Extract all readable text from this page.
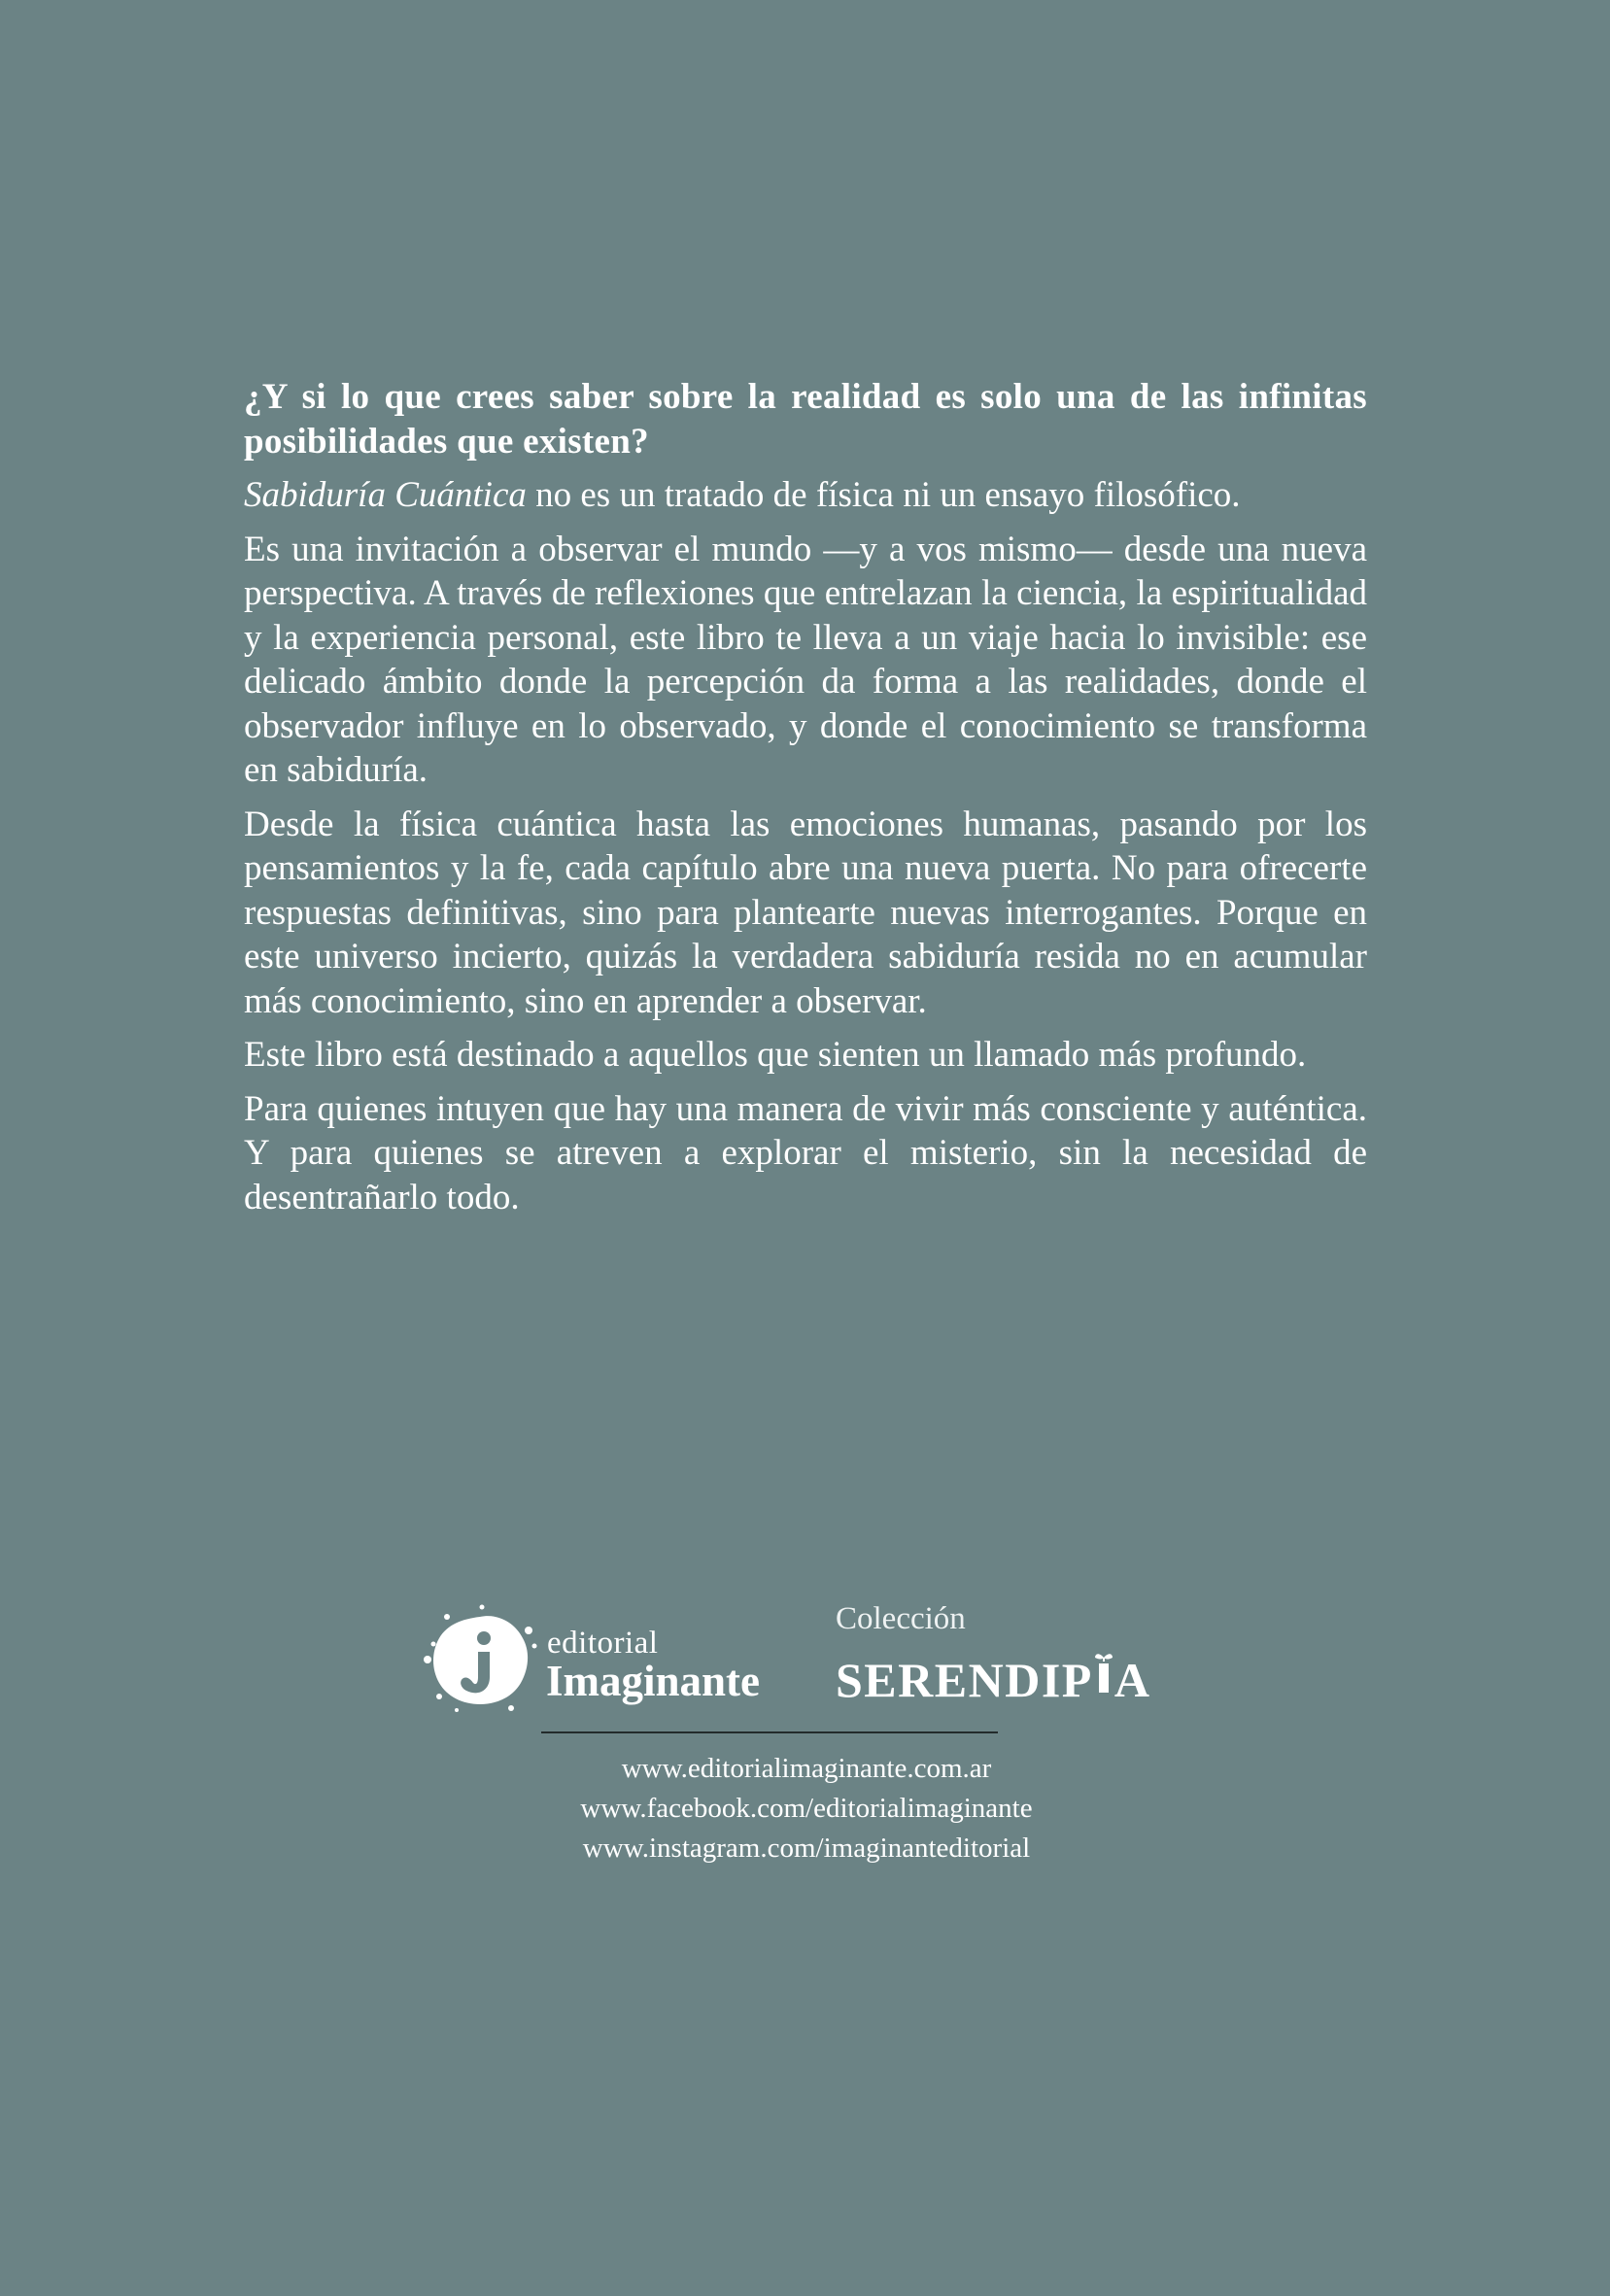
¿Y si lo que crees saber sobre la realidad es solo una de las infinitas posibilidades que existen?

Sabiduría Cuántica no es un tratado de física ni un ensayo filosófico.

Es una invitación a observar el mundo —y a vos mismo— desde una nueva perspectiva. A través de reflexiones que entrelazan la ciencia, la espiritualidad y la experiencia personal, este libro te lleva a un viaje hacia lo invisible: ese delicado ámbito donde la percepción da forma a las realidades, donde el observador influye en lo observado, y donde el conocimiento se transforma en sabiduría.

Desde la física cuántica hasta las emociones humanas, pasando por los pensamientos y la fe, cada capítulo abre una nueva puerta. No para ofrecerte respuestas definitivas, sino para plantearte nuevas interrogantes. Porque en este universo incierto, quizás la verdadera sabiduría resida no en acumular más conocimiento, sino en aprender a observar.

Este libro está destinado a aquellos que sienten un llamado más profundo.

Para quienes intuyen que hay una manera de vivir más consciente y auténtica. Y para quienes se atreven a explorar el misterio, sin la necesidad de desentrañarlo todo.

editorial
Imaginante
Colección
SERENDIP A
www.editorialimaginante.com.ar
www.facebook.com/editorialimaginante
www.instagram.com/imaginanteditorial
